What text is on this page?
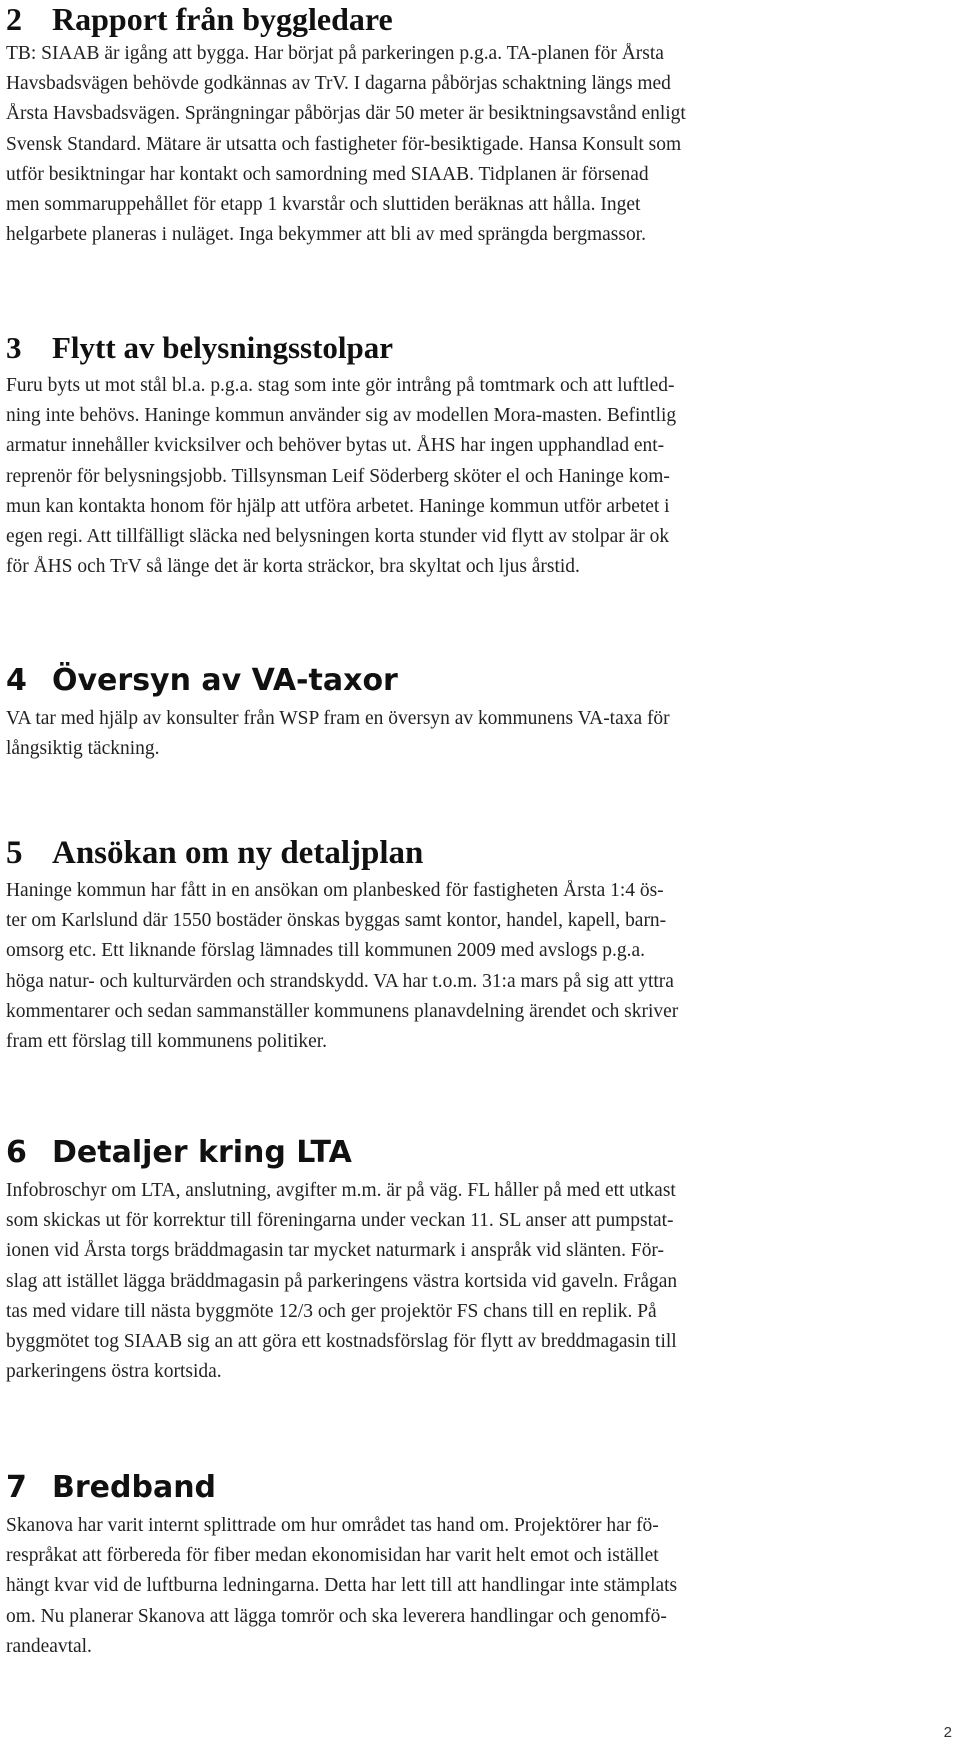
2 Rapport från byggledare

TB: SIAAB är igång att bygga. Har börjat på parkeringen p.g.a. TA-planen för Årsta
Havsbadsvägen behövde godkännas av TrV. I dagarna påbörjas schaktning längs med
Årsta Havsbadsvägen. Sprängningar påbörjas där 50 meter är besiktningsavstånd enligt
Svensk Standard. Mätare är utsatta och fastigheter för-besiktigade. Hansa Konsult som
utför besiktningar har kontakt och samordning med SIAAB. Tidplanen är försenad
men sommaruppehållet för etapp 1 kvarstår och sluttiden beräknas att hålla. Inget
helgarbete planeras i nuläget. Inga bekymmer att bli av med sprängda bergmassor.

3 Flytt av belysningsstolpar

Furu byts ut mot stål bl.a. p.g.a. stag som inte gör intrång på tomtmark och att luftled-
ning inte behövs. Haninge kommun använder sig av modellen Mora-masten. Befintlig
armatur innehåller kvicksilver och behöver bytas ut. ÅHS har ingen upphandlad ent-
reprenör för belysningsjobb. Tillsynsman Leif Söderberg sköter el och Haninge kom-
mun kan kontakta honom för hjälp att utföra arbetet. Haninge kommun utför arbetet i
egen regi. Att tillfälligt släcka ned belysningen korta stunder vid flytt av stolpar är ok
för ÅHS och TrV så länge det är korta sträckor, bra skyltat och ljus årstid.

4 Översyn av VA-taxor

VA tar med hjälp av konsulter från WSP fram en översyn av kommunens VA-taxa för
långsiktig täckning.

5 Ansökan om ny detaljplan

Haninge kommun har fått in en ansökan om planbesked för fastigheten Årsta 1:4 ös-
ter om Karlslund där 1550 bostäder önskas byggas samt kontor, handel, kapell, barn-
omsorg etc. Ett liknande förslag lämnades till kommunen 2009 med avslogs p.g.a.
höga natur- och kulturvärden och strandskydd. VA har t.o.m. 31:a mars på sig att yttra
kommentarer och sedan sammanställer kommunens planavdelning ärendet och skriver
fram ett förslag till kommunens politiker.

6 Detaljer kring LTA

Infobroschyr om LTA, anslutning, avgifter m.m. är på väg. FL håller på med ett utkast
som skickas ut för korrektur till föreningarna under veckan 11. SL anser att pumpstat-
ionen vid Årsta torgs bräddmagasin tar mycket naturmark i anspråk vid slänten. För-
slag att istället lägga bräddmagasin på parkeringens västra kortsida vid gaveln. Frågan
tas med vidare till nästa byggmöte 12/3 och ger projektör FS chans till en replik. På
byggmötet tog SIAAB sig an att göra ett kostnadsförslag för flytt av breddmagasin till
parkeringens östra kortsida.

7 Bredband

Skanova har varit internt splittrade om hur området tas hand om. Projektörer har fö-
respråkat att förbereda för fiber medan ekonomisidan har varit helt emot och istället
hängt kvar vid de luftburna ledningarna. Detta har lett till att handlingar inte stämplats
om. Nu planerar Skanova att lägga tomrör och ska leverera handlingar och genomfö-
randeavtal.

2
